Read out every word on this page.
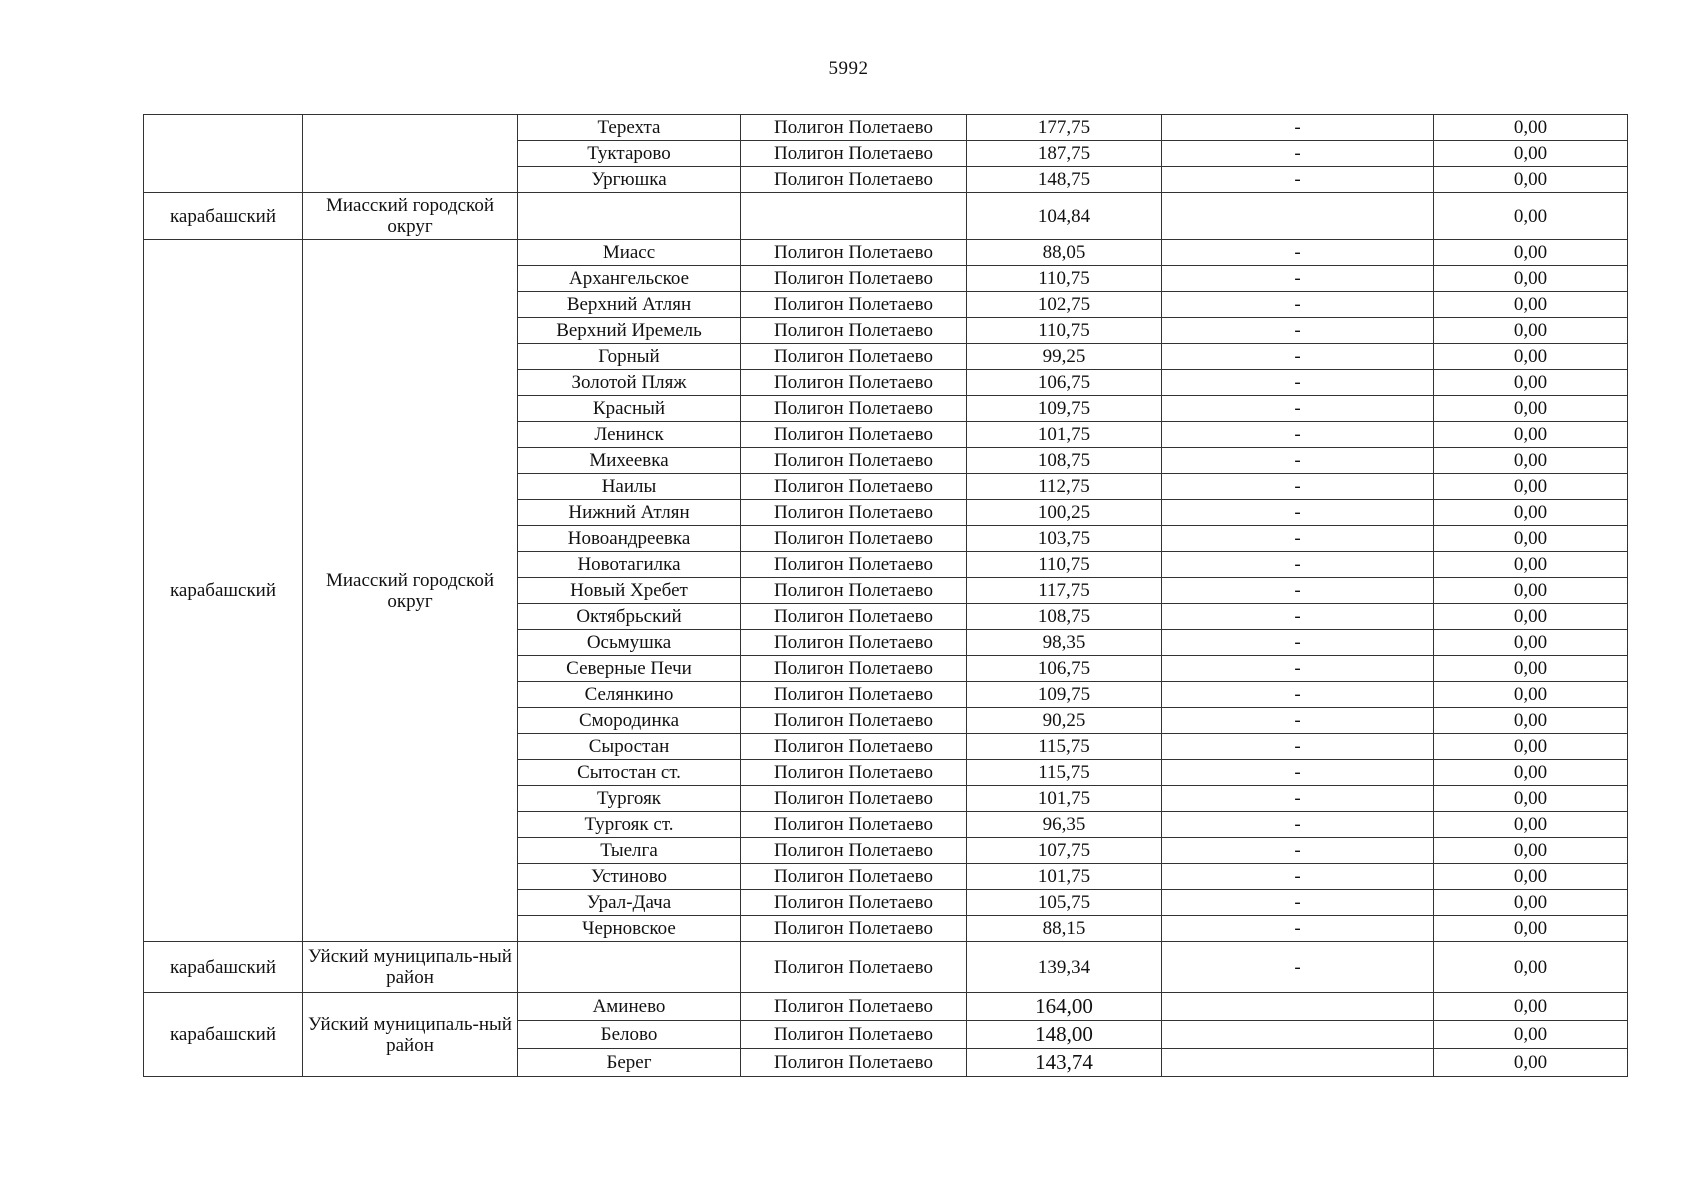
5992
		Терехта	Полигон Полетаево	177,75	-	0,00
		Туктарово	Полигон Полетаево	187,75	-	0,00
		Ургюшка	Полигон Полетаево	148,75	-	0,00
карабашский	Миасский городской округ			104,84		0,00
карабашский	Миасский городской округ	Миасс	Полигон Полетаево	88,05	-	0,00
		Архангельское	Полигон Полетаево	110,75	-	0,00
		Верхний Атлян	Полигон Полетаево	102,75	-	0,00
		Верхний Иремель	Полигон Полетаево	110,75	-	0,00
		Горный	Полигон Полетаево	99,25	-	0,00
		Золотой Пляж	Полигон Полетаево	106,75	-	0,00
		Красный	Полигон Полетаево	109,75	-	0,00
		Ленинск	Полигон Полетаево	101,75	-	0,00
		Михеевка	Полигон Полетаево	108,75	-	0,00
		Наилы	Полигон Полетаево	112,75	-	0,00
		Нижний Атлян	Полигон Полетаево	100,25	-	0,00
		Новоандреевка	Полигон Полетаево	103,75	-	0,00
		Новотагилка	Полигон Полетаево	110,75	-	0,00
		Новый Хребет	Полигон Полетаево	117,75	-	0,00
		Октябрьский	Полигон Полетаево	108,75	-	0,00
		Осьмушка	Полигон Полетаево	98,35	-	0,00
		Северные Печи	Полигон Полетаево	106,75	-	0,00
		Селянкино	Полигон Полетаево	109,75	-	0,00
		Смородинка	Полигон Полетаево	90,25	-	0,00
		Сыростан	Полигон Полетаево	115,75	-	0,00
		Сытостан ст.	Полигон Полетаево	115,75	-	0,00
		Тургояк	Полигон Полетаево	101,75	-	0,00
		Тургояк ст.	Полигон Полетаево	96,35	-	0,00
		Тыелга	Полигон Полетаево	107,75	-	0,00
		Устиново	Полигон Полетаево	101,75	-	0,00
		Урал-Дача	Полигон Полетаево	105,75	-	0,00
		Черновское	Полигон Полетаево	88,15	-	0,00
карабашский	Уйский муниципаль-ный район		Полигон Полетаево	139,34	-	0,00
карабашский	Уйский муниципаль-ный район	Аминево	Полигон Полетаево	164,00		0,00
		Белово	Полигон Полетаево	148,00		0,00
		Берег	Полигон Полетаево	143,74		0,00
